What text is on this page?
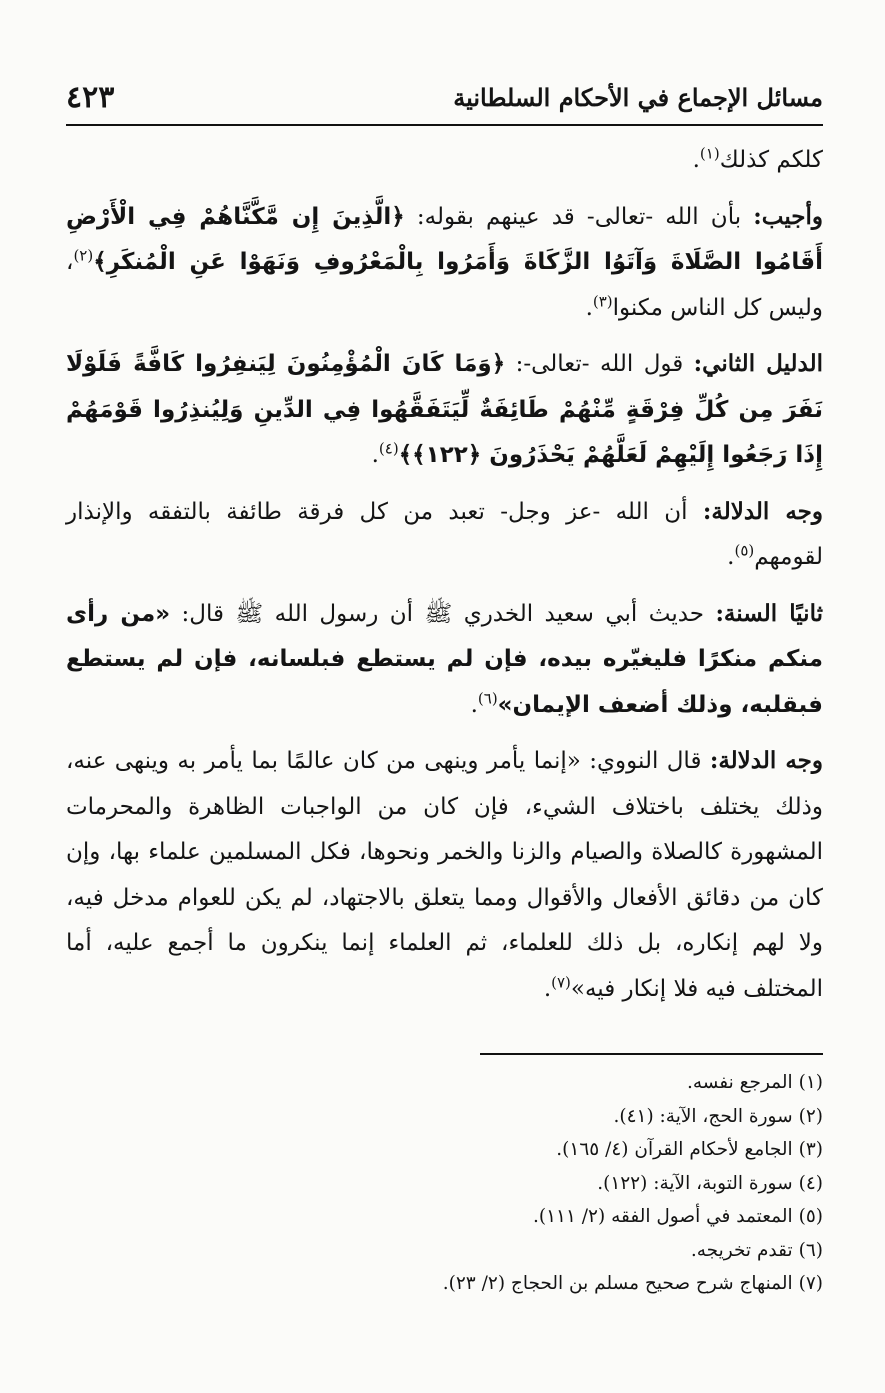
٤٢٣	مسائل الإجماع في الأحكام السلطانية

كلكم كذلك$^{(١)}$.

وأجيب: بأن الله -تعالى- قد عينهم بقوله: ﴿الَّذِينَ إِن مَّكَّنَّاهُمْ فِي الْأَرْضِ أَقَامُوا الصَّلَاةَ وَآتَوُا الزَّكَاةَ وَأَمَرُوا بِالْمَعْرُوفِ وَنَهَوْا عَنِ الْمُنكَرِ﴾$^{(٢)}$، وليس كل الناس مكنوا$^{(٣)}$.

الدليل الثاني: قول الله -تعالى-: ﴿وَمَا كَانَ الْمُؤْمِنُونَ لِيَنفِرُوا كَافَّةً فَلَوْلَا نَفَرَ مِن كُلِّ فِرْقَةٍ مِّنْهُمْ طَائِفَةٌ لِّيَتَفَقَّهُوا فِي الدِّينِ وَلِيُنذِرُوا قَوْمَهُمْ إِذَا رَجَعُوا إِلَيْهِمْ لَعَلَّهُمْ يَحْذَرُونَ ﴿١٢٢﴾﴾$^{(٤)}$.

وجه الدلالة: أن الله -عز وجل- تعبد من كل فرقة طائفة بالتفقه والإنذار لقومهم$^{(٥)}$.

ثانيًا السنة: حديث أبي سعيد الخدري ﷺ أن رسول الله ﷺ قال: «من رأى منكم منكرًا فليغيّره بيده، فإن لم يستطع فبلسانه، فإن لم يستطع فبقلبه، وذلك أضعف الإيمان»$^{(٦)}$.

وجه الدلالة: قال النووي: «إنما يأمر وينهى من كان عالمًا بما يأمر به وينهى عنه، وذلك يختلف باختلاف الشيء، فإن كان من الواجبات الظاهرة والمحرمات المشهورة كالصلاة والصيام والزنا والخمر ونحوها، فكل المسلمين علماء بها، وإن كان من دقائق الأفعال والأقوال ومما يتعلق بالاجتهاد، لم يكن للعوام مدخل فيه، ولا لهم إنكاره، بل ذلك للعلماء، ثم العلماء إنما ينكرون ما أجمع عليه، أما المختلف فيه فلا إنكار فيه»$^{(٧)}$.

(١)المرجع نفسه.
(٢)سورة الحج، الآية: (٤١).
(٣)الجامع لأحكام القرآن (٤/ ١٦٥).
(٤)سورة التوبة، الآية: (١٢٢).
(٥)المعتمد في أصول الفقه (٢/ ١١١).
(٦)تقدم تخريجه.
(٧)المنهاج شرح صحيح مسلم بن الحجاج (٢/ ٢٣).
